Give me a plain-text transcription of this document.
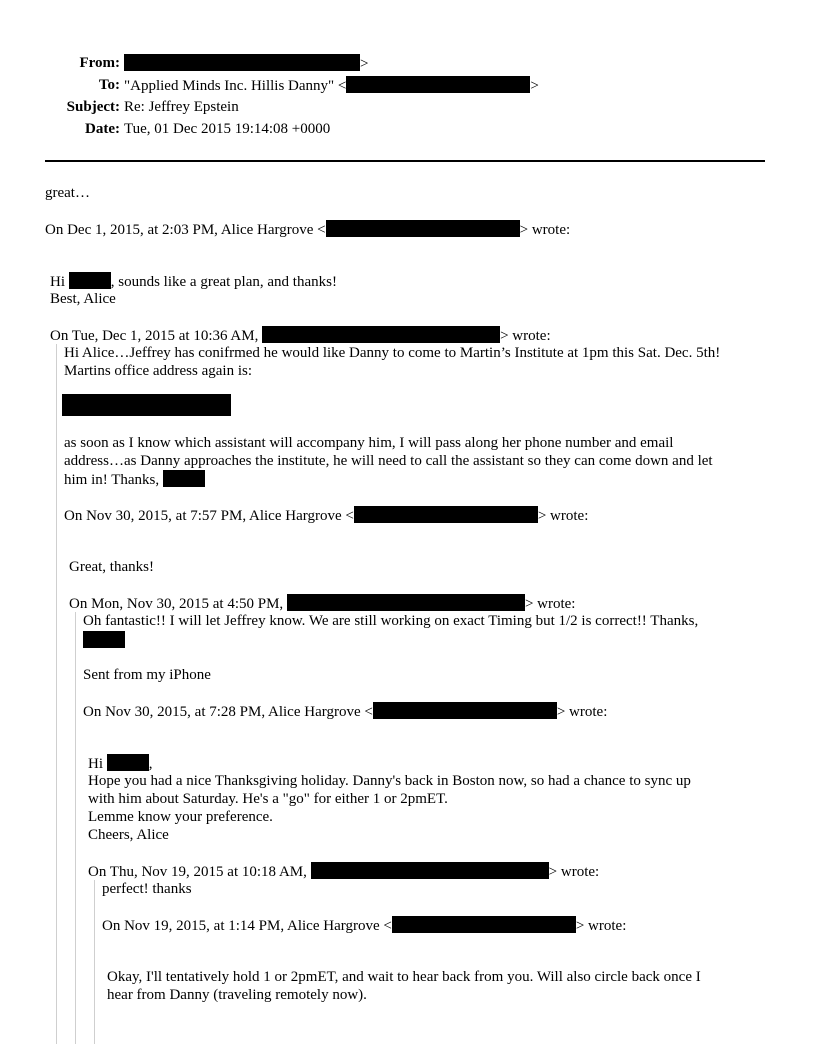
From:	>
To: "Applied Minds Inc. Hillis Danny" <	>
Subject: Re: Jeffrey Epstein
Date: Tue, 01 Dec 2015 19:14:08 +0000
great…
On Dec 1, 2015, at 2:03 PM, Alice Hargrove <	> wrote:
Hi	, sounds like a great plan, and thanks!
Best, Alice
On Tue, Dec 1, 2015 at 10:36 AM,	> wrote:
Hi Alice…Jeffrey has conifrmed he would like Danny to come to Martin’s Institute at 1pm this Sat. Dec. 5th! Martins office address again is:
as soon as I know which assistant will accompany him, I will pass along her phone number and email
address…as Danny approaches the institute, he will need to call the assistant so they can come down and let
him in! Thanks,
On Nov 30, 2015, at 7:57 PM, Alice Hargrove <	> wrote:
Great, thanks!
On Mon, Nov 30, 2015 at 4:50 PM,	> wrote:
Oh fantastic!! I will let Jeffrey know. We are still working on exact Timing but 1/2 is correct!! Thanks,
Sent from my iPhone
On Nov 30, 2015, at 7:28 PM, Alice Hargrove <	> wrote:
Hi	,
Hope you had a nice Thanksgiving holiday. Danny's back in Boston now, so had a chance to sync up
with him about Saturday. He's a "go" for either 1 or 2pmET.
Lemme know your preference.
Cheers, Alice
On Thu, Nov 19, 2015 at 10:18 AM,	> wrote:
perfect! thanks
On Nov 19, 2015, at 1:14 PM, Alice Hargrove <	> wrote:
Okay, I'll tentatively hold 1 or 2pmET, and wait to hear back from you. Will also circle back once I
hear from Danny (traveling remotely now).
